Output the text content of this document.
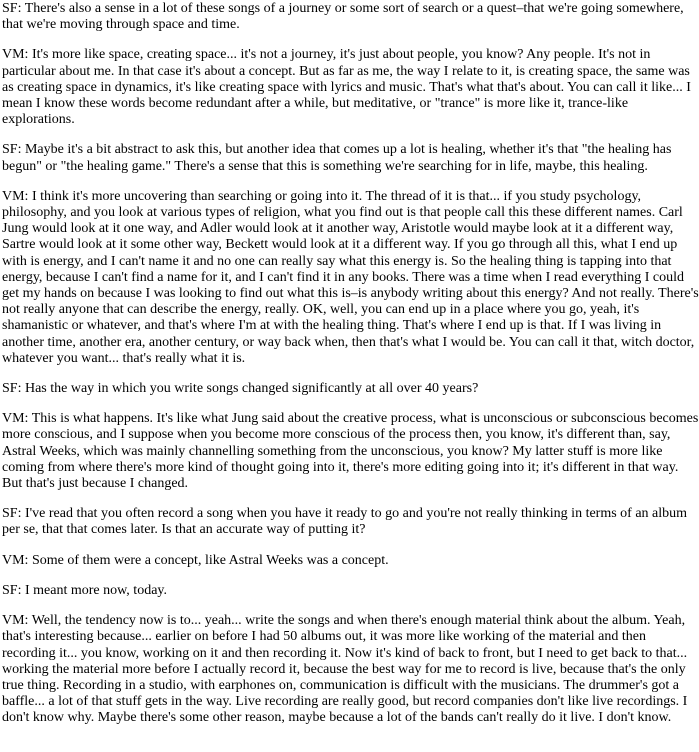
SF: There's also a sense in a lot of these songs of a journey or some sort of search or a quest–that we're going somewhere, that we're moving through space and time.

VM: It's more like space, creating space... it's not a journey, it's just about people, you know? Any people. It's not in particular about me. In that case it's about a concept. But as far as me, the way I relate to it, is creating space, the same was as creating space in dynamics, it's like creating space with lyrics and music. That's what that's about. You can call it like... I mean I know these words become redundant after a while, but meditative, or "trance" is more like it, trance-like explorations.

SF: Maybe it's a bit abstract to ask this, but another idea that comes up a lot is healing, whether it's that "the healing has begun" or "the healing game." There's a sense that this is something we're searching for in life, maybe, this healing.

VM: I think it's more uncovering than searching or going into it. The thread of it is that... if you study psychology, philosophy, and you look at various types of religion, what you find out is that people call this these different names. Carl Jung would look at it one way, and Adler would look at it another way, Aristotle would maybe look at it a different way, Sartre would look at it some other way, Beckett would look at it a different way. If you go through all this, what I end up with is energy, and I can't name it and no one can really say what this energy is. So the healing thing is tapping into that energy, because I can't find a name for it, and I can't find it in any books. There was a time when I read everything I could get my hands on because I was looking to find out what this is–is anybody writing about this energy? And not really. There's not really anyone that can describe the energy, really. OK, well, you can end up in a place where you go, yeah, it's shamanistic or whatever, and that's where I'm at with the healing thing. That's where I end up is that. If I was living in another time, another era, another century, or way back when, then that's what I would be. You can call it that, witch doctor, whatever you want... that's really what it is.

SF: Has the way in which you write songs changed significantly at all over 40 years?

VM: This is what happens. It's like what Jung said about the creative process, what is unconscious or subconscious becomes more conscious, and I suppose when you become more conscious of the process then, you know, it's different than, say, Astral Weeks, which was mainly channelling something from the unconscious, you know? My latter stuff is more like coming from where there's more kind of thought going into it, there's more editing going into it; it's different in that way. But that's just because I changed.

SF: I've read that you often record a song when you have it ready to go and you're not really thinking in terms of an album per se, that that comes later. Is that an accurate way of putting it?

VM: Some of them were a concept, like Astral Weeks was a concept.

SF: I meant more now, today.

VM: Well, the tendency now is to... yeah... write the songs and when there's enough material think about the album. Yeah, that's interesting because... earlier on before I had 50 albums out, it was more like working of the material and then recording it... you know, working on it and then recording it. Now it's kind of back to front, but I need to get back to that... working the material more before I actually record it, because the best way for me to record is live, because that's the only true thing. Recording in a studio, with earphones on, communication is difficult with the musicians. The drummer's got a baffle... a lot of that stuff gets in the way. Live recording are really good, but record companies don't like live recordings. I don't know why. Maybe there's some other reason, maybe because a lot of the bands can't really do it live. I don't know.
